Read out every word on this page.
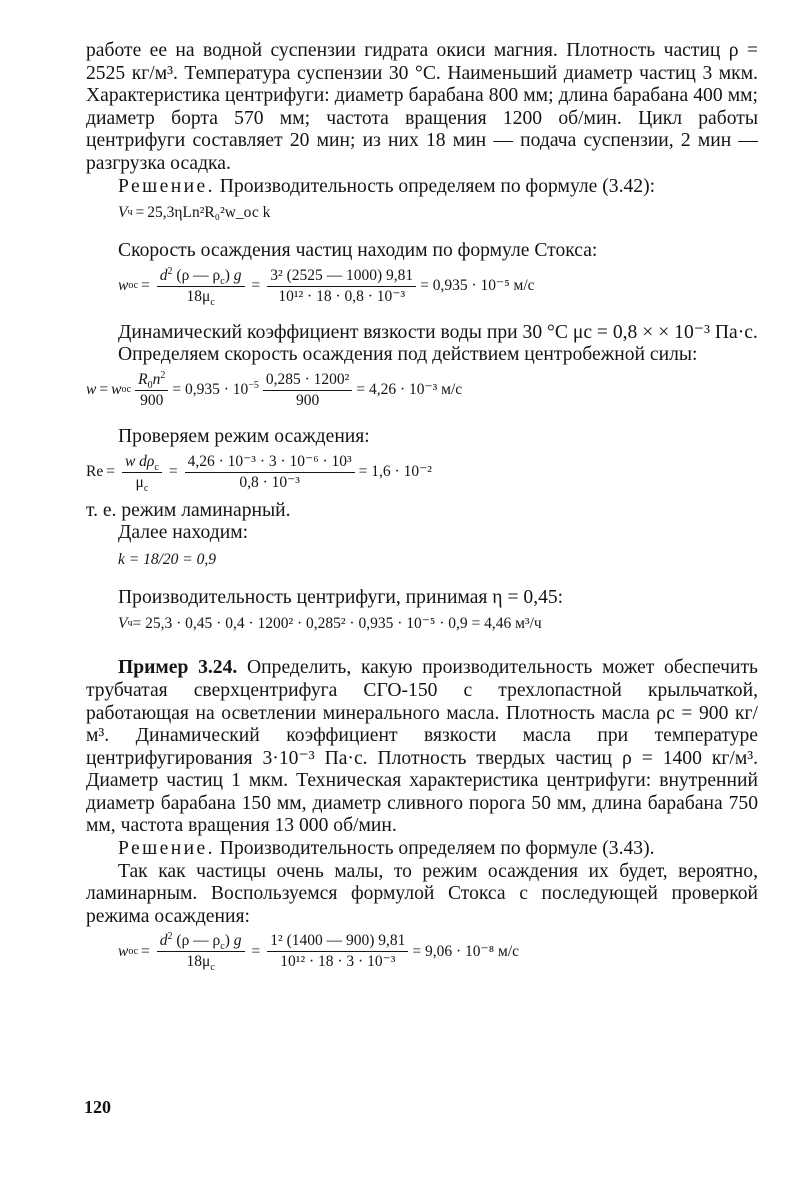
работе ее на водной суспензии гидрата окиси магния. Плотность частиц ρ = 2525 кг/м³. Температура суспензии 30 °С. Наименьший диаметр частиц 3 мкм. Характеристика центрифуги: диаметр барабана 800 мм; длина барабана 400 мм; диаметр борта 570 мм; частота вращения 1200 об/мин. Цикл работы центрифуги составляет 20 мин; из них 18 мин — подача суспензии, 2 мин — разгрузка осадка.

Решение. Производительность определяем по формуле (3.42):

V ч = 25,3ηLn²R₀²w_ос k

Скорость осаждения частиц находим по формуле Стокса:

w ос = $\frac{d^2 (\rho — \rho_c) g}{18\mu_c} = \frac{\text{3² (2525 — 1000) 9,81}}{\text{10¹² · 18 · 0,8 · 10⁻³}} = 0,935 \cdot 10^{-5}$ м/с

Динамический коэффициент вязкости воды при 30 °С μc = 0,8 × × 10⁻³ Па·с.

Определяем скорость осаждения под действием центробежной силы:

w = w ос $\frac{R_0n^2}{900} = 0,935 \cdot 10^{-5} \frac{\text{0,285 · 1200²}}{900} = 4,26 \cdot 10^{-3}$ м/с

Проверяем режим осаждения:

$Re = \frac{w d\rho_c}{\mu_c} = \frac{\text{4,26 · 10⁻³ · 3 · 10⁻⁶ · 10³}}{\text{0,8 · 10⁻³}} = 1,6 \cdot 10^{-2}$

т. е. режим ламинарный.

Далее находим:

k = 18/20 = 0,9

Производительность центрифуги, принимая η = 0,45:

V ч = 25,3 · 0,45 · 0,4 · 1200² · 0,285² · 0,935 · 10⁻⁵ · 0,9 = 4,46 м³/ч

Пример 3.24. Определить, какую производительность может обеспечить трубчатая сверхцентрифуга СГО-150 с трехлопастной крыльчаткой, работающая на осветлении минерального масла. Плотность масла ρc = 900 кг/м³. Динамический коэффициент вязкости масла при температуре центрифугирования 3·10⁻³ Па·с. Плотность твердых частиц ρ = 1400 кг/м³. Диаметр частиц 1 мкм. Техническая характеристика центрифуги: внутренний диаметр барабана 150 мм, диаметр сливного порога 50 мм, длина барабана 750 мм, частота вращения 13 000 об/мин.

Решение. Производительность определяем по формуле (3.43).

Так как частицы очень малы, то режим осаждения их будет, вероятно, ламинарным. Воспользуемся формулой Стокса с последующей проверкой режима осаждения:

w ос = $\frac{d^2 (\rho — \rho_c) g}{18\mu_c} = \frac{\text{1² (1400 — 900) 9,81}}{\text{10¹² · 18 · 3 · 10⁻³}} = 9,06 \cdot 10^{-8}$ м/с
120
